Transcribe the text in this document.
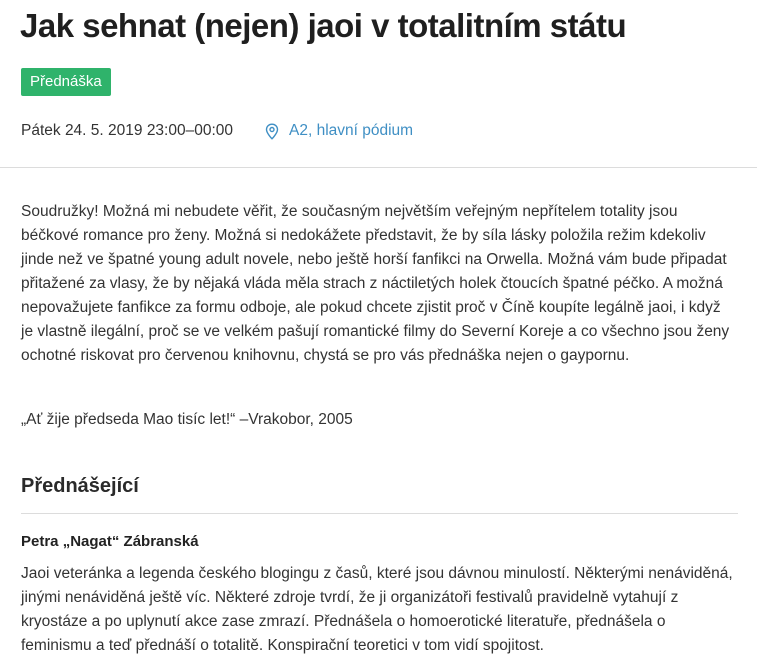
Jak sehnat (nejen) jaoi v totalitním státu
Přednáška
Pátek 24. 5. 2019 23:00–00:00	A2, hlavní pódium

Soudružky! Možná mi nebudete věřit, že současným největším veřejným nepřítelem totality jsou béčkové romance pro ženy. Možná si nedokážete představit, že by síla lásky položila režim kdekoliv jinde než ve špatné young adult novele, nebo ještě horší fanfikci na Orwella. Možná vám bude připadat přitažené za vlasy, že by nějaká vláda měla strach z náctiletých holek čtoucích špatné péčko. A možná nepovažujete fanfikce za formu odboje, ale pokud chcete zjistit proč v Číně koupíte legálně jaoi, i když je vlastně ilegální, proč se ve velkém pašují romantické filmy do Severní Koreje a co všechno jsou ženy ochotné riskovat pro červenou knihovnu, chystá se pro vás přednáška nejen o gaypornu.

„Ať žije předseda Mao tisíc let!“ –Vrakobor, 2005

Přednášející
Petra „Nagat“ Zábranská

Jaoi veteránka a legenda českého blogingu z časů, které jsou dávnou minulostí. Některými nenáviděná, jinými nenáviděná ještě víc. Některé zdroje tvrdí, že ji organizátoři festivalů pravidelně vytahují z kryostáze a po uplynutí akce zase zmrazí. Přednášela o homoerotické literatuře, přednášela o feminismu a teď přednáší o totalitě. Konspirační teoretici v tom vidí spojitost.
